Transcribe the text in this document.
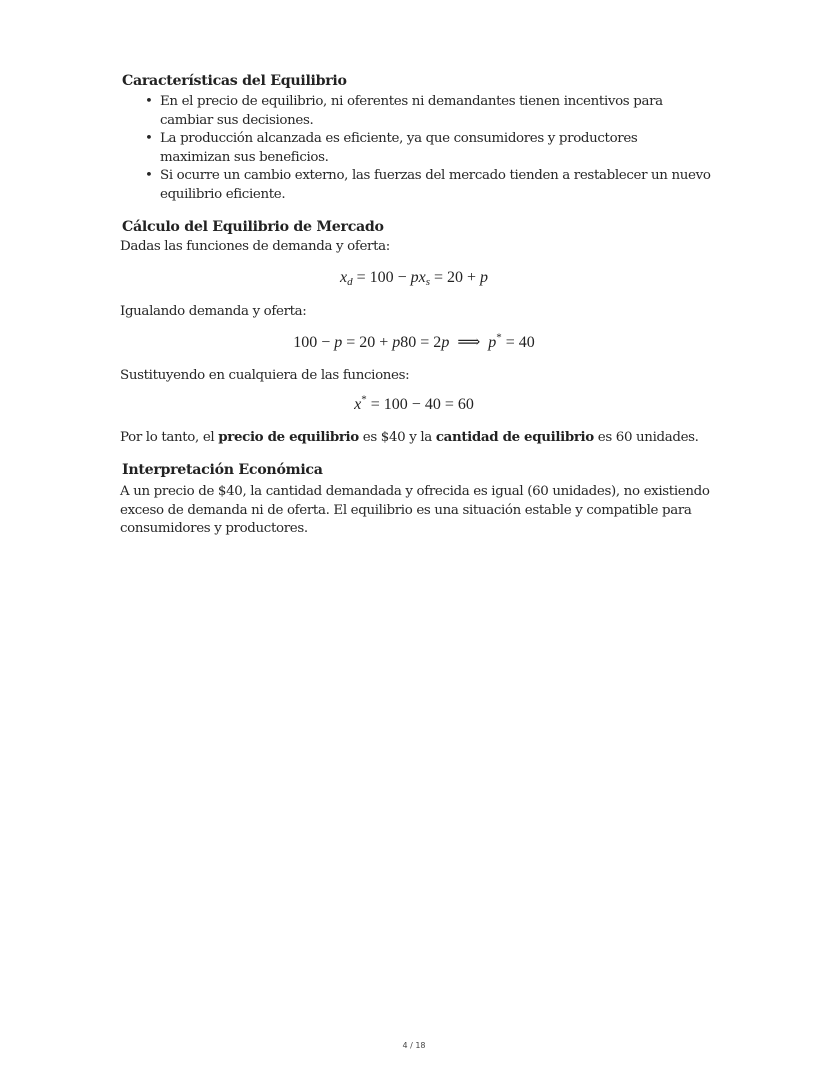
Características del Equilibrio
• En el precio de equilibrio, ni oferentes ni demandantes tienen incentivos para
cambiar sus decisiones.
• La producción alcanzada es eficiente, ya que consumidores y productores
maximizan sus beneficios.
• Si ocurre un cambio externo, las fuerzas del mercado tienden a restablecer un nuevo
equilibrio eficiente.
Cálculo del Equilibrio de Mercado
Dadas las funciones de demanda y oferta:
$x_d = 100 - px_s = 20 + p$
Igualando demanda y oferta:
100 − p = 20 + p80 = 2p  ⟹  p* = 40
Sustituyendo en cualquiera de las funciones:
x* = 100 − 40 = 60
Por lo tanto, el precio de equilibrio es $40 y la cantidad de equilibrio es 60 unidades.
Interpretación Económica
A un precio de $40, la cantidad demandada y ofrecida es igual (60 unidades), no existiendo
exceso de demanda ni de oferta. El equilibrio es una situación estable y compatible para
consumidores y productores.
4 / 18
